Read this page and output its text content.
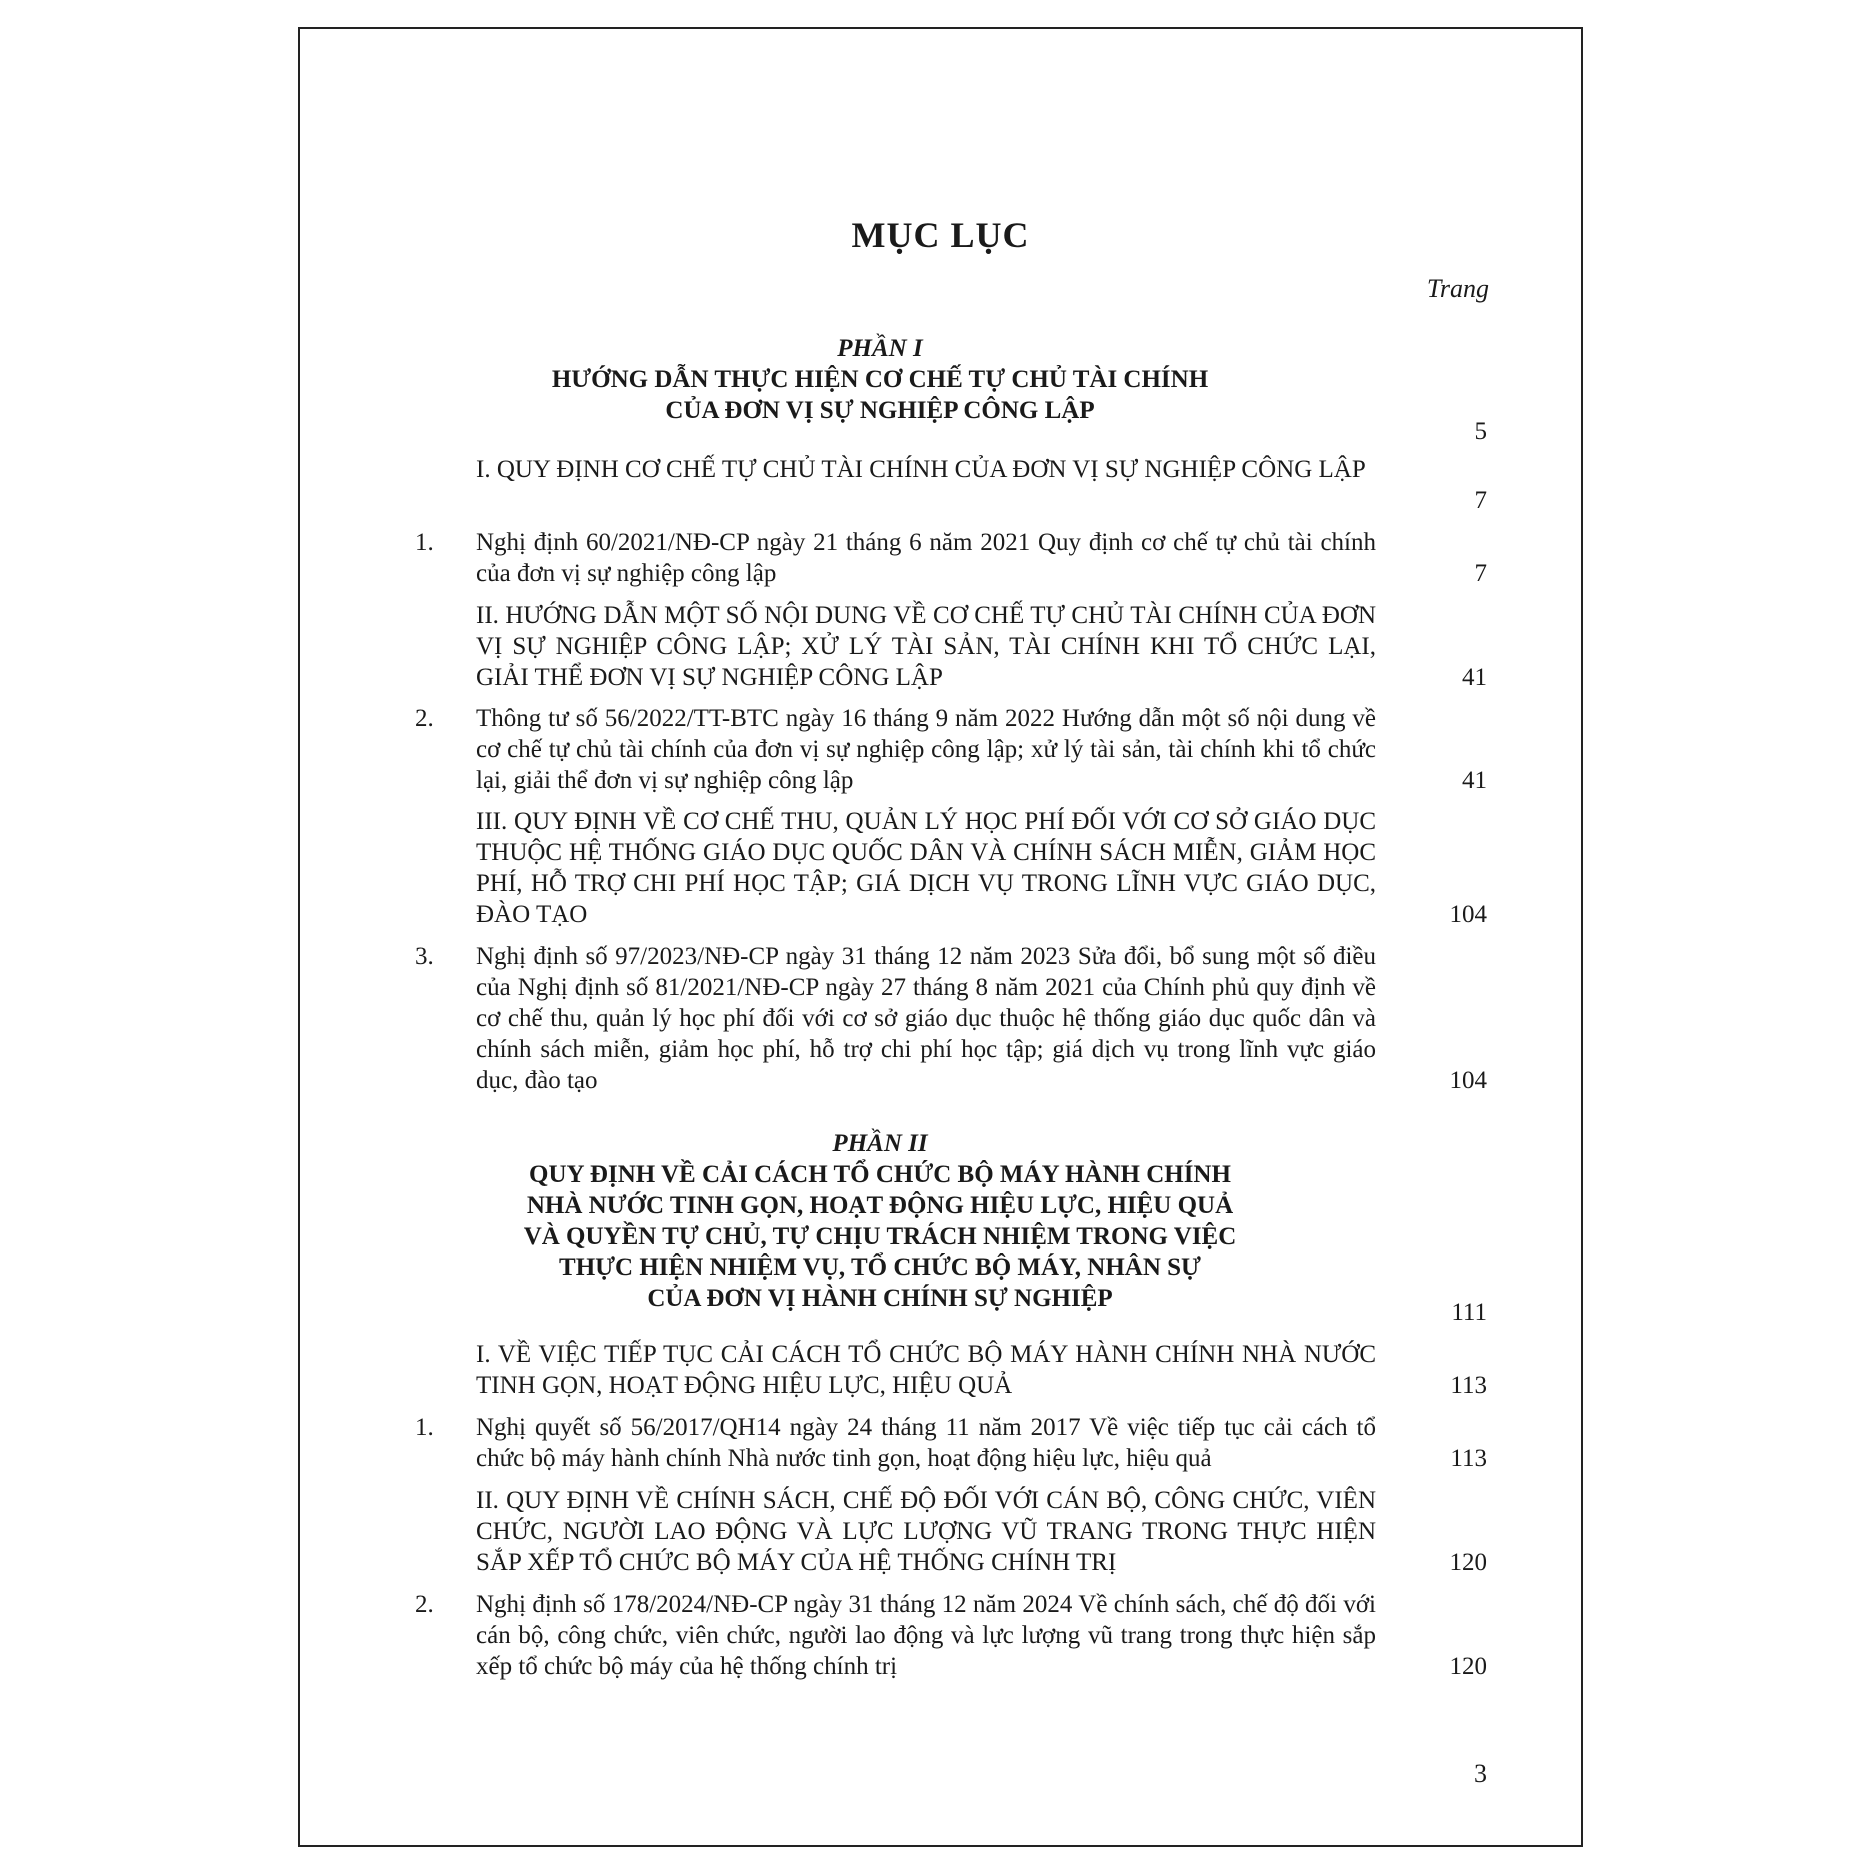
MỤC LỤC
Trang
PHẦN I
HƯỚNG DẪN THỰC HIỆN CƠ CHẾ TỰ CHỦ TÀI CHÍNH
CỦA ĐƠN VỊ SỰ NGHIỆP CÔNG LẬP
5
I. QUY ĐỊNH CƠ CHẾ TỰ CHỦ TÀI CHÍNH CỦA ĐƠN VỊ SỰ NGHIỆP CÔNG LẬP
7
1. Nghị định 60/2021/NĐ-CP ngày 21 tháng 6 năm 2021 Quy định cơ chế tự chủ tài chính của đơn vị sự nghiệp công lập	7
II. HƯỚNG DẪN MỘT SỐ NỘI DUNG VỀ CƠ CHẾ TỰ CHỦ TÀI CHÍNH CỦA ĐƠN VỊ SỰ NGHIỆP CÔNG LẬP; XỬ LÝ TÀI SẢN, TÀI CHÍNH KHI TỔ CHỨC LẠI, GIẢI THỂ ĐƠN VỊ SỰ NGHIỆP CÔNG LẬP	41
2. Thông tư số 56/2022/TT-BTC ngày 16 tháng 9 năm 2022 Hướng dẫn một số nội dung về cơ chế tự chủ tài chính của đơn vị sự nghiệp công lập; xử lý tài sản, tài chính khi tổ chức lại, giải thể đơn vị sự nghiệp công lập	41
III. QUY ĐỊNH VỀ CƠ CHẾ THU, QUẢN LÝ HỌC PHÍ ĐỐI VỚI CƠ SỞ GIÁO DỤC THUỘC HỆ THỐNG GIÁO DỤC QUỐC DÂN VÀ CHÍNH SÁCH MIỄN, GIẢM HỌC PHÍ, HỖ TRỢ CHI PHÍ HỌC TẬP; GIÁ DỊCH VỤ TRONG LĨNH VỰC GIÁO DỤC, ĐÀO TẠO	104
3. Nghị định số 97/2023/NĐ-CP ngày 31 tháng 12 năm 2023 Sửa đổi, bổ sung một số điều của Nghị định số 81/2021/NĐ-CP ngày 27 tháng 8 năm 2021 của Chính phủ quy định về cơ chế thu, quản lý học phí đối với cơ sở giáo dục thuộc hệ thống giáo dục quốc dân và chính sách miễn, giảm học phí, hỗ trợ chi phí học tập; giá dịch vụ trong lĩnh vực giáo dục, đào tạo	104
PHẦN II
QUY ĐỊNH VỀ CẢI CÁCH TỔ CHỨC BỘ MÁY HÀNH CHÍNH
NHÀ NƯỚC TINH GỌN, HOẠT ĐỘNG HIỆU LỰC, HIỆU QUẢ
VÀ QUYỀN TỰ CHỦ, TỰ CHỊU TRÁCH NHIỆM TRONG VIỆC
THỰC HIỆN NHIỆM VỤ, TỔ CHỨC BỘ MÁY, NHÂN SỰ
CỦA ĐƠN VỊ HÀNH CHÍNH SỰ NGHIỆP
111
I. VỀ VIỆC TIẾP TỤC CẢI CÁCH TỔ CHỨC BỘ MÁY HÀNH CHÍNH NHÀ NƯỚC TINH GỌN, HOẠT ĐỘNG HIỆU LỰC, HIỆU QUẢ	113
1. Nghị quyết số 56/2017/QH14 ngày 24 tháng 11 năm 2017 Về việc tiếp tục cải cách tổ chức bộ máy hành chính Nhà nước tinh gọn, hoạt động hiệu lực, hiệu quả	113
II. QUY ĐỊNH VỀ CHÍNH SÁCH, CHẾ ĐỘ ĐỐI VỚI CÁN BỘ, CÔNG CHỨC, VIÊN CHỨC, NGƯỜI LAO ĐỘNG VÀ LỰC LƯỢNG VŨ TRANG TRONG THỰC HIỆN SẮP XẾP TỔ CHỨC BỘ MÁY CỦA HỆ THỐNG CHÍNH TRỊ	120
2. Nghị định số 178/2024/NĐ-CP ngày 31 tháng 12 năm 2024 Về chính sách, chế độ đối với cán bộ, công chức, viên chức, người lao động và lực lượng vũ trang trong thực hiện sắp xếp tổ chức bộ máy của hệ thống chính trị	120
3
